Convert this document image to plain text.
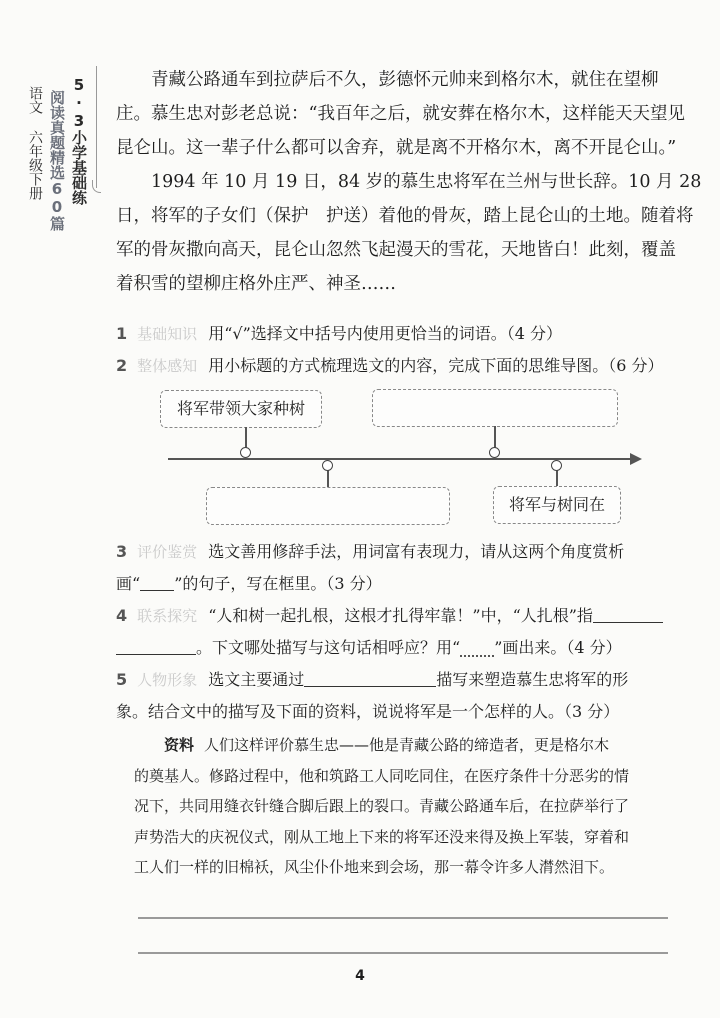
5·3小学基础练
阅读真题精选60篇
语文 六年级下册
青藏公路通车到拉萨后不久，彭德怀元帅来到格尔木，就住在望柳
庄。慕生忠对彭老总说：“我百年之后，就安葬在格尔木，这样能天天望见
昆仑山。这一辈子什么都可以舍弃，就是离不开格尔木，离不开昆仑山。”
1994 年 10 月 19 日，84 岁的慕生忠将军在兰州与世长辞。10 月 28
日，将军的子女们（保护　护送）着他的骨灰，踏上昆仑山的土地。随着将
军的骨灰撒向高天，昆仑山忽然飞起漫天的雪花，天地皆白！此刻，覆盖
着积雪的望柳庄格外庄严、神圣……
1 基础知识 用“√”选择文中括号内使用更恰当的词语。（4 分）
2 整体感知 用小标题的方式梳理选文的内容，完成下面的思维导图。（6 分）
将军带领大家种树
将军与树同在
3 评价鉴赏 选文善用修辞手法，用词富有表现力，请从这两个角度赏析
画“ ”的句子，写在框里。（3 分）
4 联系探究 “人和树一起扎根，这根才扎得牢靠！”中，“人扎根”指
。下文哪处描写与这句话相呼应？用“ ”画出来。（4 分）
5 人物形象 选文主要通过	描写来塑造慕生忠将军的形
象。结合文中的描写及下面的资料，说说将军是一个怎样的人。（3 分）
资料 人们这样评价慕生忠——他是青藏公路的缔造者，更是格尔木
的奠基人。修路过程中，他和筑路工人同吃同住，在医疗条件十分恶劣的情
况下，共同用缝衣针缝合脚后跟上的裂口。青藏公路通车后，在拉萨举行了
声势浩大的庆祝仪式，刚从工地上下来的将军还没来得及换上军装，穿着和
工人们一样的旧棉袄，风尘仆仆地来到会场，那一幕令许多人潸然泪下。
4
